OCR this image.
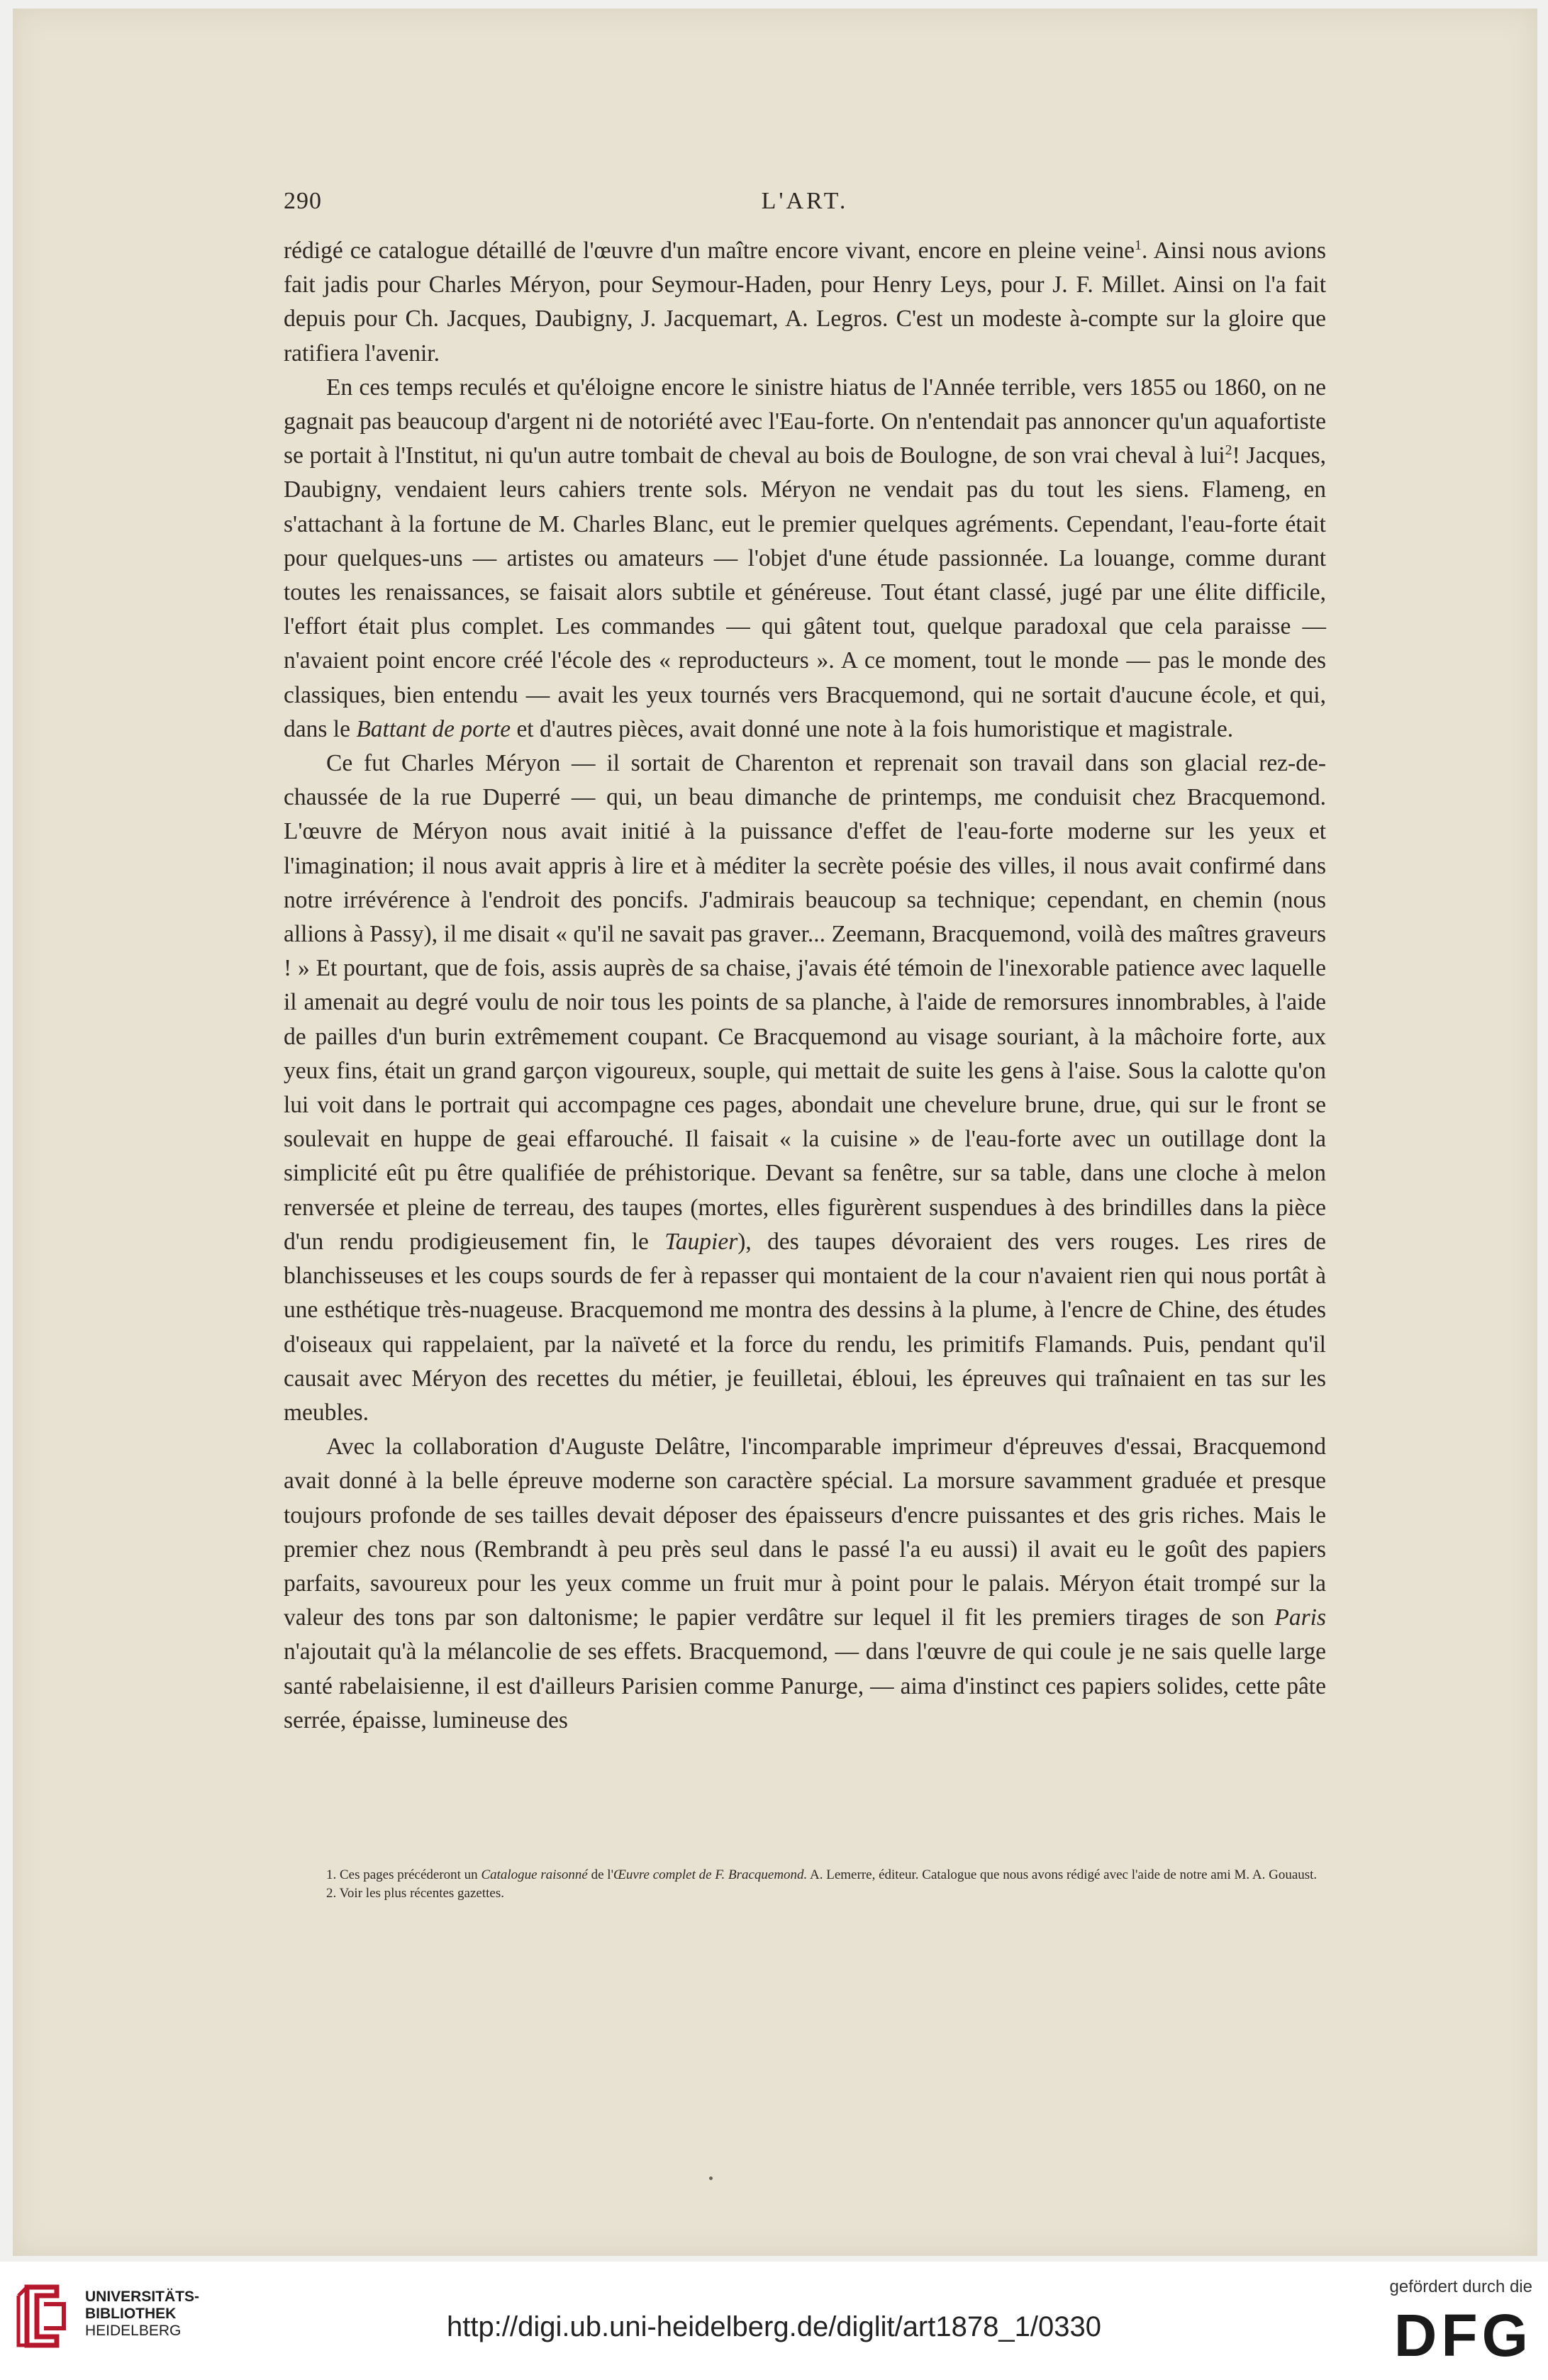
290	L'ART.

rédigé ce catalogue détaillé de l'œuvre d'un maître encore vivant, encore en pleine veine$^1$. Ainsi nous avions fait jadis pour Charles Méryon, pour Seymour-Haden, pour Henry Leys, pour J. F. Millet. Ainsi on l'a fait depuis pour Ch. Jacques, Daubigny, J. Jacquemart, A. Legros. C'est un modeste à-compte sur la gloire que ratifiera l'avenir.

En ces temps reculés et qu'éloigne encore le sinistre hiatus de l'Année terrible, vers 1855 ou 1860, on ne gagnait pas beaucoup d'argent ni de notoriété avec l'Eau-forte. On n'entendait pas annoncer qu'un aquafortiste se portait à l'Institut, ni qu'un autre tombait de cheval au bois de Boulogne, de son vrai cheval à lui$^2$! Jacques, Daubigny, vendaient leurs cahiers trente sols. Méryon ne vendait pas du tout les siens. Flameng, en s'attachant à la fortune de M. Charles Blanc, eut le premier quelques agréments. Cependant, l'eau-forte était pour quelques-uns — artistes ou amateurs — l'objet d'une étude passionnée. La louange, comme durant toutes les renaissances, se faisait alors subtile et généreuse. Tout étant classé, jugé par une élite difficile, l'effort était plus complet. Les commandes — qui gâtent tout, quelque paradoxal que cela paraisse — n'avaient point encore créé l'école des « reproducteurs ». A ce moment, tout le monde — pas le monde des classiques, bien entendu — avait les yeux tournés vers Bracquemond, qui ne sortait d'aucune école, et qui, dans le Battant de porte et d'autres pièces, avait donné une note à la fois humoristique et magistrale.

Ce fut Charles Méryon — il sortait de Charenton et reprenait son travail dans son glacial rez-de-chaussée de la rue Duperré — qui, un beau dimanche de printemps, me conduisit chez Bracquemond. L'œuvre de Méryon nous avait initié à la puissance d'effet de l'eau-forte moderne sur les yeux et l'imagination; il nous avait appris à lire et à méditer la secrète poésie des villes, il nous avait confirmé dans notre irrévérence à l'endroit des poncifs. J'admirais beaucoup sa technique; cependant, en chemin (nous allions à Passy), il me disait « qu'il ne savait pas graver... Zeemann, Bracquemond, voilà des maîtres graveurs ! » Et pourtant, que de fois, assis auprès de sa chaise, j'avais été témoin de l'inexorable patience avec laquelle il amenait au degré voulu de noir tous les points de sa planche, à l'aide de remorsures innombrables, à l'aide de pailles d'un burin extrêmement coupant. Ce Bracquemond au visage souriant, à la mâchoire forte, aux yeux fins, était un grand garçon vigoureux, souple, qui mettait de suite les gens à l'aise. Sous la calotte qu'on lui voit dans le portrait qui accompagne ces pages, abondait une chevelure brune, drue, qui sur le front se soulevait en huppe de geai effarouché. Il faisait « la cuisine » de l'eau-forte avec un outillage dont la simplicité eût pu être qualifiée de préhistorique. Devant sa fenêtre, sur sa table, dans une cloche à melon renversée et pleine de terreau, des taupes (mortes, elles figurèrent suspendues à des brindilles dans la pièce d'un rendu prodigieusement fin, le Taupier), des taupes dévoraient des vers rouges. Les rires de blanchisseuses et les coups sourds de fer à repasser qui montaient de la cour n'avaient rien qui nous portât à une esthétique très-nuageuse. Bracquemond me montra des dessins à la plume, à l'encre de Chine, des études d'oiseaux qui rappelaient, par la naïveté et la force du rendu, les primitifs Flamands. Puis, pendant qu'il causait avec Méryon des recettes du métier, je feuilletai, ébloui, les épreuves qui traînaient en tas sur les meubles.

Avec la collaboration d'Auguste Delâtre, l'incomparable imprimeur d'épreuves d'essai, Bracquemond avait donné à la belle épreuve moderne son caractère spécial. La morsure savamment graduée et presque toujours profonde de ses tailles devait déposer des épaisseurs d'encre puissantes et des gris riches. Mais le premier chez nous (Rembrandt à peu près seul dans le passé l'a eu aussi) il avait eu le goût des papiers parfaits, savoureux pour les yeux comme un fruit mur à point pour le palais. Méryon était trompé sur la valeur des tons par son daltonisme; le papier verdâtre sur lequel il fit les premiers tirages de son Paris n'ajoutait qu'à la mélancolie de ses effets. Bracquemond, — dans l'œuvre de qui coule je ne sais quelle large santé rabelaisienne, il est d'ailleurs Parisien comme Panurge, — aima d'instinct ces papiers solides, cette pâte serrée, épaisse, lumineuse des

1. Ces pages précéderont un Catalogue raisonné de l'Œuvre complet de F. Bracquemond. A. Lemerre, éditeur. Catalogue que nous avons rédigé avec l'aide de notre ami M. A. Gouaust.

2. Voir les plus récentes gazettes.

UNIVERSITÄTS-
BIBLIOTHEK
HEIDELBERG	http://digi.ub.uni-heidelberg.de/diglit/art1878_1/0330
gefördert durch die
DFG
